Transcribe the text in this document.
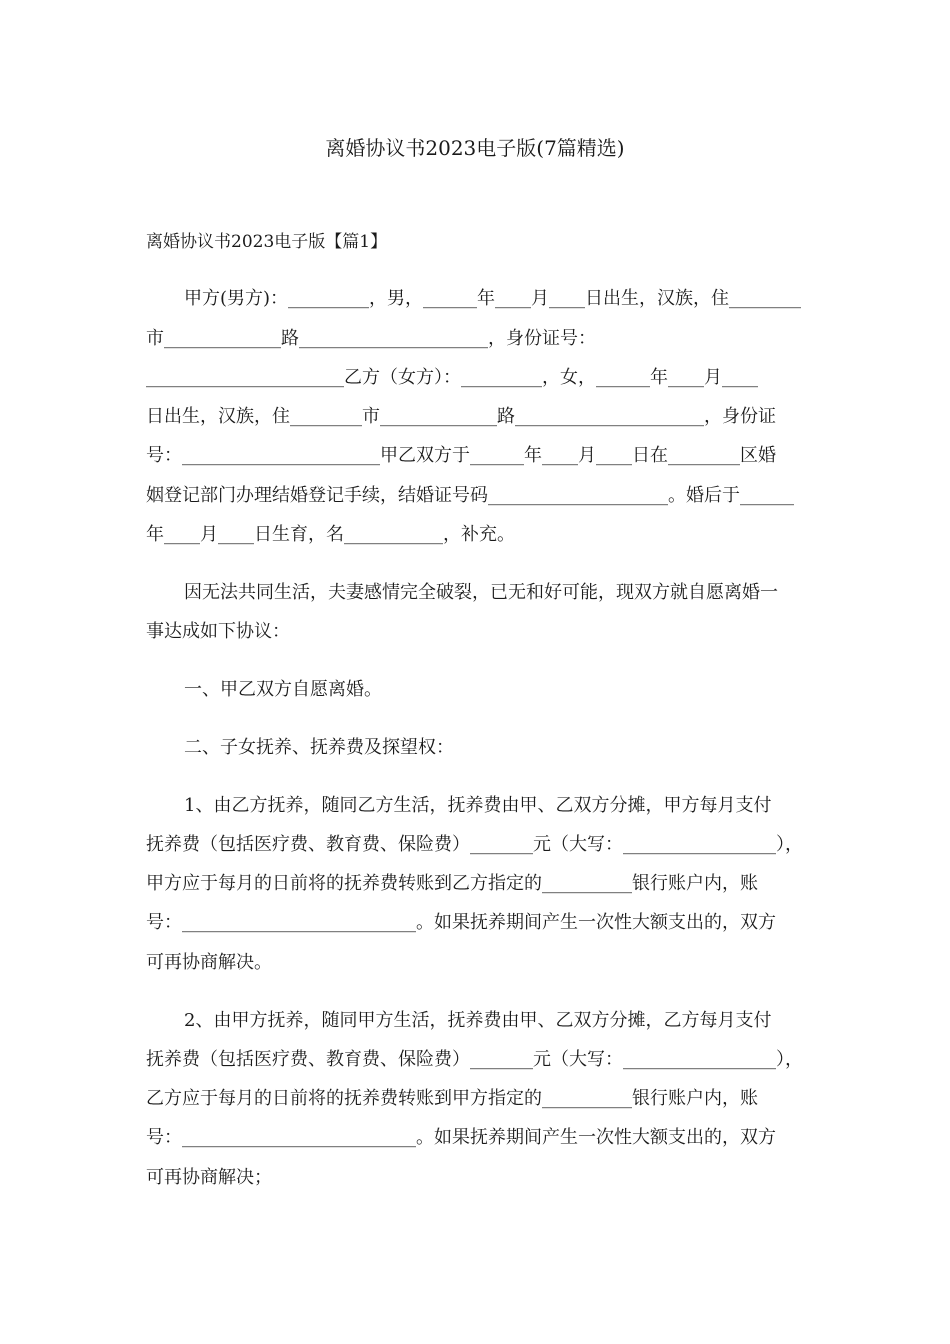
离婚协议书2023电子版(7篇精选)
离婚协议书2023电子版【篇1】
甲方(男方)：_________，男，______年____月____日出生，汉族，住________
市_____________路_____________________，身份证号：
______________________乙方（女方）：_________，女，______年____月____
日出生，汉族，住________市_____________路_____________________，身份证
号：______________________甲乙双方于______年____月____日在________区婚
姻登记部门办理结婚登记手续，结婚证号码____________________。婚后于______
年____月____日生育，名___________，补充。
因无法共同生活，夫妻感情完全破裂，已无和好可能，现双方就自愿离婚一
事达成如下协议：
一、甲乙双方自愿离婚。
二、子女抚养、抚养费及探望权：
1、由乙方抚养，随同乙方生活，抚养费由甲、乙双方分摊，甲方每月支付
抚养费（包括医疗费、教育费、保险费）_______元（大写：_________________），
甲方应于每月的日前将的抚养费转账到乙方指定的__________银行账户内，账
号：__________________________。如果抚养期间产生一次性大额支出的，双方
可再协商解决。
2、由甲方抚养，随同甲方生活，抚养费由甲、乙双方分摊，乙方每月支付
抚养费（包括医疗费、教育费、保险费）_______元（大写：_________________），
乙方应于每月的日前将的抚养费转账到甲方指定的__________银行账户内，账
号：__________________________。如果抚养期间产生一次性大额支出的，双方
可再协商解决；
